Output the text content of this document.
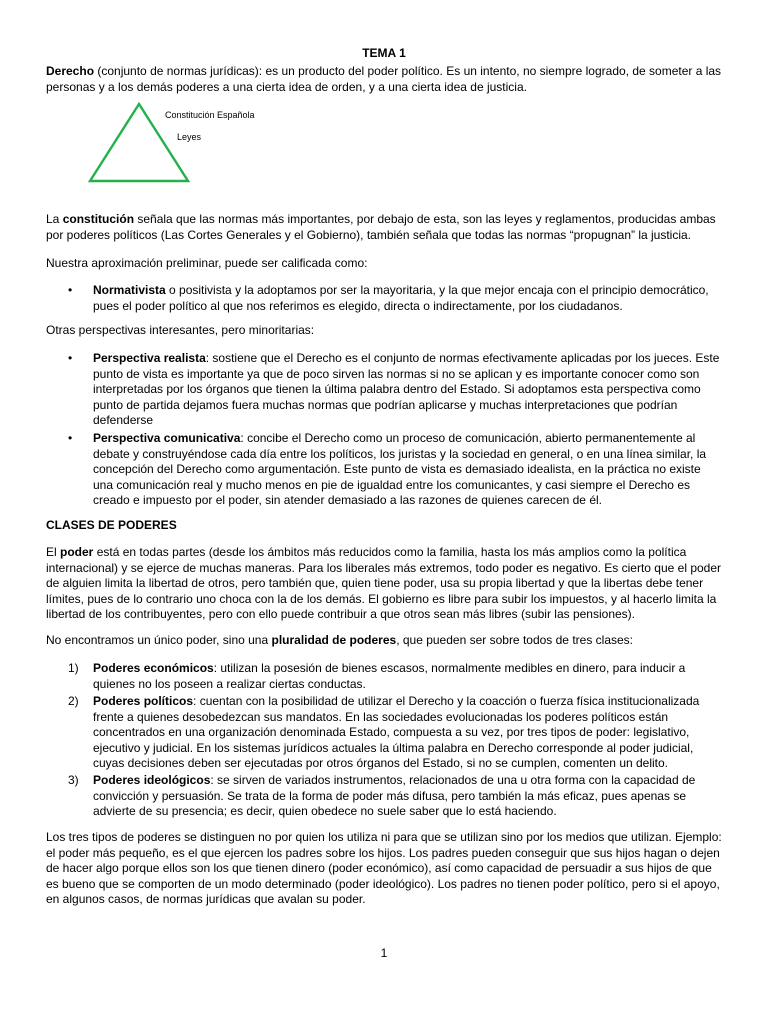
TEMA 1

Derecho (conjunto de normas jurídicas): es un producto del poder político. Es un intento, no siempre logrado, de someter a las personas y a los demás poderes a una cierta idea de orden, y a una cierta idea de justicia.

Constitución Española
Leyes

La constitución señala que las normas más importantes, por debajo de esta, son las leyes y reglamentos, producidas ambas por poderes políticos (Las Cortes Generales y el Gobierno), también señala que todas las normas “propugnan” la justicia.

Nuestra aproximación preliminar, puede ser calificada como:

• Normativista o positivista y la adoptamos por ser la mayoritaria, y la que mejor encaja con el principio democrático, pues el poder político al que nos referimos es elegido, directa o indirectamente, por los ciudadanos.

Otras perspectivas interesantes, pero minoritarias:

• Perspectiva realista: sostiene que el Derecho es el conjunto de normas efectivamente aplicadas por los jueces. Este punto de vista es importante ya que de poco sirven las normas si no se aplican y es importante conocer como son interpretadas por los órganos que tienen la última palabra dentro del Estado. Si adoptamos esta perspectiva como punto de partida dejamos fuera muchas normas que podrían aplicarse y muchas interpretaciones que podrían defenderse

• Perspectiva comunicativa: concibe el Derecho como un proceso de comunicación, abierto permanentemente al debate y construyéndose cada día entre los políticos, los juristas y la sociedad en general, o en una línea similar, la concepción del Derecho como argumentación. Este punto de vista es demasiado idealista, en la práctica no existe una comunicación real y mucho menos en pie de igualdad entre los comunicantes, y casi siempre el Derecho es creado e impuesto por el poder, sin atender demasiado a las razones de quienes carecen de él.

CLASES DE PODERES

El poder está en todas partes (desde los ámbitos más reducidos como la familia, hasta los más amplios como la política internacional) y se ejerce de muchas maneras. Para los liberales más extremos, todo poder es negativo. Es cierto que el poder de alguien limita la libertad de otros, pero también que, quien tiene poder, usa su propia libertad y que la libertas debe tener límites, pues de lo contrario uno choca con la de los demás. El gobierno es libre para subir los impuestos, y al hacerlo limita la libertad de los contribuyentes, pero con ello puede contribuir a que otros sean más libres (subir las pensiones).

No encontramos un único poder, sino una pluralidad de poderes, que pueden ser sobre todos de tres clases:

1) Poderes económicos: utilizan la posesión de bienes escasos, normalmente medibles en dinero, para inducir a quienes no los poseen a realizar ciertas conductas.

2) Poderes políticos: cuentan con la posibilidad de utilizar el Derecho y la coacción o fuerza física institucionalizada frente a quienes desobedezcan sus mandatos. En las sociedades evolucionadas los poderes políticos están concentrados en una organización denominada Estado, compuesta a su vez, por tres tipos de poder: legislativo, ejecutivo y judicial. En los sistemas jurídicos actuales la última palabra en Derecho corresponde al poder judicial, cuyas decisiones deben ser ejecutadas por otros órganos del Estado, si no se cumplen, comenten un delito.

3) Poderes ideológicos: se sirven de variados instrumentos, relacionados de una u otra forma con la capacidad de convicción y persuasión. Se trata de la forma de poder más difusa, pero también la más eficaz, pues apenas se advierte de su presencia; es decir, quien obedece no suele saber que lo está haciendo.

Los tres tipos de poderes se distinguen no por quien los utiliza ni para que se utilizan sino por los medios que utilizan. Ejemplo: el poder más pequeño, es el que ejercen los padres sobre los hijos. Los padres pueden conseguir que sus hijos hagan o dejen de hacer algo porque ellos son los que tienen dinero (poder económico), así como capacidad de persuadir a sus hijos de que es bueno que se comporten de un modo determinado (poder ideológico). Los padres no tienen poder político, pero si el apoyo, en algunos casos, de normas jurídicas que avalan su poder.

1
